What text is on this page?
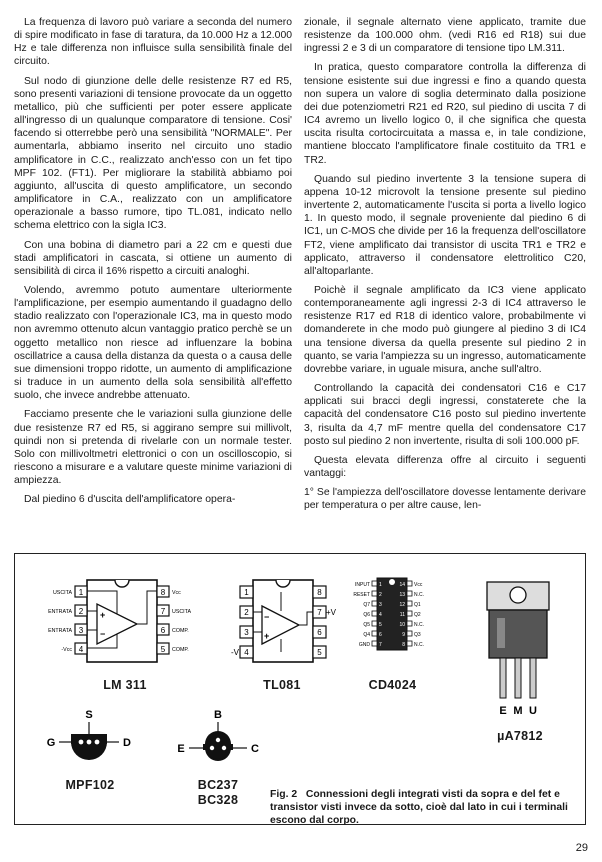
La frequenza di lavoro può variare a seconda del numero di spire modificato in fase di taratura, da 10.000 Hz a 12.000 Hz e tale differenza non influisce sulla sensibilità finale del circuito.

Sul nodo di giunzione delle delle resistenze R7 ed R5, sono presenti variazioni di tensione provocate da un oggetto metallico, più che sufficienti per poter essere applicate all'ingresso di un qualunque comparatore di tensione. Cosi' facendo si otterrebbe però una sensibilità "NORMALE". Per aumentarla, abbiamo inserito nel circuito uno stadio amplificatore in C.C., realizzato anch'esso con un fet tipo MPF 102. (FT1). Per migliorare la stabilità abbiamo poi aggiunto, all'uscita di questo amplificatore, un secondo amplificatore in C.A., realizzato con un amplificatore operazionale a basso rumore, tipo TL.081, indicato nello schema elettrico con la sigla IC3.

Con una bobina di diametro pari a 22 cm e questi due stadi amplificatori in cascata, si ottiene un aumento di sensibilità di circa il 16% rispetto a circuiti analoghi.

Volendo, avremmo potuto aumentare ulteriormente l'amplificazione, per esempio aumentando il guadagno dello stadio realizzato con l'operazionale IC3, ma in questo modo non avremmo ottenuto alcun vantaggio pratico perchè se un oggetto metallico non riesce ad influenzare la bobina oscillatrice a causa della distanza da questa o a causa delle sue dimensioni troppo ridotte, un aumento di amplificazione si traduce in un aumento della sola sensibilità all'effetto suolo, che invece andrebbe attenuato.

Facciamo presente che le variazioni sulla giunzione delle due resistenze R7 ed R5, si aggirano sempre sui millivolt, quindi non si pretenda di rivelarle con un normale tester. Solo con millivoltmetri elettronici o con un oscilloscopio, si riescono a misurare e a valutare queste minime variazioni di ampiezza.

Dal piedino 6 d'uscita dell'amplificatore opera-

zionale, il segnale alternato viene applicato, tramite due resistenze da 100.000 ohm. (vedi R16 ed R18) sui due ingressi 2 e 3 di un comparatore di tensione tipo LM.311.

In pratica, questo comparatore controlla la differenza di tensione esistente sui due ingressi e fino a quando questa non supera un valore di soglia determinato dalla posizione dei due potenziometri R21 ed R20, sul piedino di uscita 7 di IC4 avremo un livello logico 0, il che significa che questa uscita risulta cortocircuitata a massa e, in tale condizione, mantiene bloccato l'amplificatore finale costituito da TR1 e TR2.

Quando sul piedino invertente 3 la tensione supera di appena 10-12 microvolt la tensione presente sul piedino invertente 2, automaticamente l'uscita si porta a livello logico 1. In questo modo, il segnale proveniente dal piedino 6 di IC1, un C-MOS che divide per 16 la frequenza dell'oscillatore FT2, viene amplificato dai transistor di uscita TR1 e TR2 e applicato, attraverso il condensatore elettrolitico C20, all'altoparlante.

Poichè il segnale amplificato da IC3 viene applicato contemporaneamente agli ingressi 2-3 di IC4 attraverso le resistenze R17 ed R18 di identico valore, probabilmente vi domanderete in che modo può giungere al piedino 3 di IC4 una tensione diversa da quella presente sul piedino 2 in quanto, se varia l'ampiezza su un ingresso, automaticamente dovrebbe variare, in uguale misura, anche sull'altro.

Controllando la capacità dei condensatori C16 e C17 applicati sui bracci degli ingressi, constaterete che la capacità del condensatore C16 posto sul piedino invertente 3, risulta da 4,7 mF mentre quella del condensatore C17 posto sul piedino 2 non invertente, risulta di soli 100.000 pF.

Questa elevata differenza offre al circuito i seguenti vantaggi:

1° Se l'ampiezza dell'oscillatore dovesse lentamente derivare per temperatura o per altre cause, len-

+
−
1
2
3
4
8
7
6
5
USCITA
ENTRATA
ENTRATA
-Vcc
Vcc
USCITA
COMP.
COMP.
LM 311
−
+
1
2
3
-V 4
8
7
6
5
+V
TL081
1
2
3
4
5
6
7
14
13
12
11
10
9
8
INPUT
RESET
Q7
Q6
Q5
Q4
GND
Vcc
N.C.
Q1
Q2
N.C.
Q3
N.C.
CD4024
E M U
µA7812
S
G	D
MPF102
B
E	C
BC237
BC328	Fig. 2 Connessioni degli integrati visti da sopra e del fet e transistor visti invece da sotto, cioè dal lato in cui i terminali escono dal corpo.
29
